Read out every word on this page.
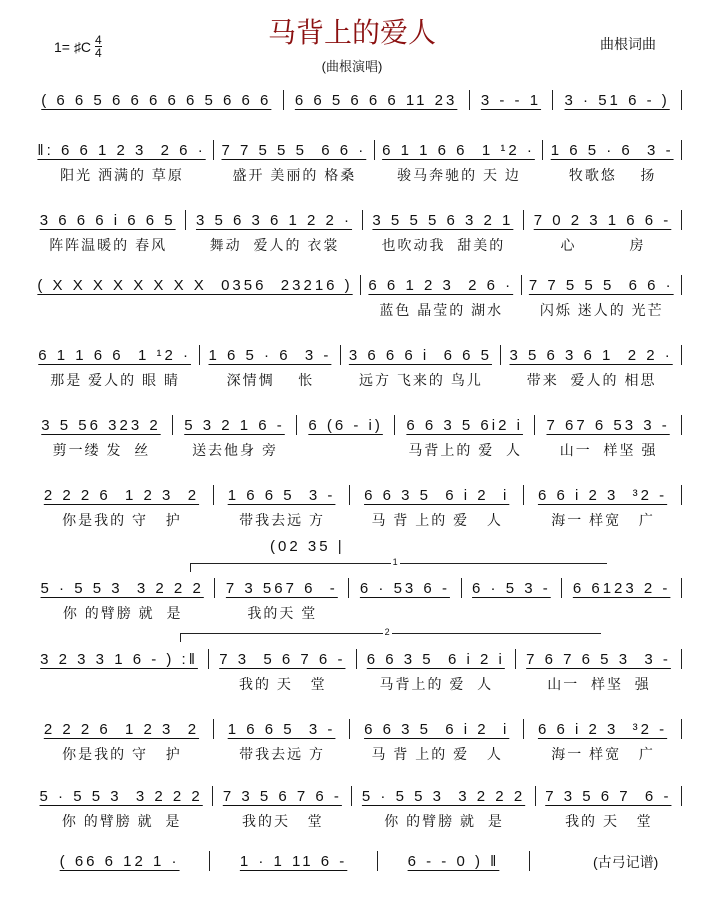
1= ♯C $\frac{4}{4}$	马背上的爱人	曲根词曲
(曲根演唱)
(02 35 |
1
2
( 6 6 5 6 6 6 6 6 5 6 6 6	6 6 5 6 6 6 11 23	3 - - 1	3 · 51 6 - )
‖: 6 6 1 2 3  2 6 ·	7 7 5 5 5  6 6 ·	6 1 1 6 6  1 ¹2 ·	1 6 5 · 6  3 -
阳光 洒满的 草原	盛开 美丽的 格桑	骏马奔驰的 天 边	牧歌悠    扬
3 6 6 6 i 6 6 5	3 5 6 3 6 1 2 2 ·	3 5 5 5 6 3 2 1	7 0 2 3 1 6 6 -
阵阵温暖的 春风	舞动  爱人的 衣裳	也吹动我  甜美的	心         房
( X X X X X X X X  0356  23216 )	6 6 1 2 3  2 6 ·	7 7 5 5 5  6 6 ·
蓝色 晶莹的 湖水	闪烁 迷人的 光芒
6 1 1 6 6  1 ¹2 ·	1 6 5 · 6  3 -	3 6 6 6 i  6 6 5	3 5 6 3 6 1  2 2 ·
那是 爱人的 眼 睛	深情惆    怅	远方 飞来的 鸟儿	带来  爱人的 相思
3 5 56 323 2	5 3 2 1 6 -	6 (6 - i)	6 6 3 5 6i2 i	7 67 6 53 3 -
剪一缕 发  丝	送去他身 旁	马背上的 爱  人	山一  样坚 强
2 2 2 6  1 2 3  2	1 6 6 5  3 -	6 6 3 5  6 i 2  i	6 6 i 2 3  ³2 -
你是我的 守   护	带我去远 方	马 背 上的 爱   人	海一 样宽   广
5 · 5 5 3  3 2 2 2	7 3 567 6  -	6 · 53 6 -	6 · 5 3 -	6 6123 2 -
你 的臂膀 就  是	我的天 堂
3 2 3 3 1 6 - ) :‖	7 3  5 6 7 6 -	6 6 3 5  6 i 2 i	7 6 7 6 5 3  3 -
我的 天   堂	马背上的 爱  人	山一  样坚  强
2 2 2 6  1 2 3  2	1 6 6 5  3 -	6 6 3 5  6 i 2  i	6 6 i 2 3  ³2 -
你是我的 守   护	带我去远 方	马 背 上的 爱   人	海一 样宽   广
5 · 5 5 3  3 2 2 2	7 3 5 6 7 6 -	5 · 5 5 3  3 2 2 2	7 3 5 6 7  6 -
你 的臂膀 就  是	我的天   堂	你 的臂膀 就  是	我的 天   堂
( 66 6 12 1 ·	1 · 1 11 6 -	6 - - 0 ) ‖	(古弓记谱)
